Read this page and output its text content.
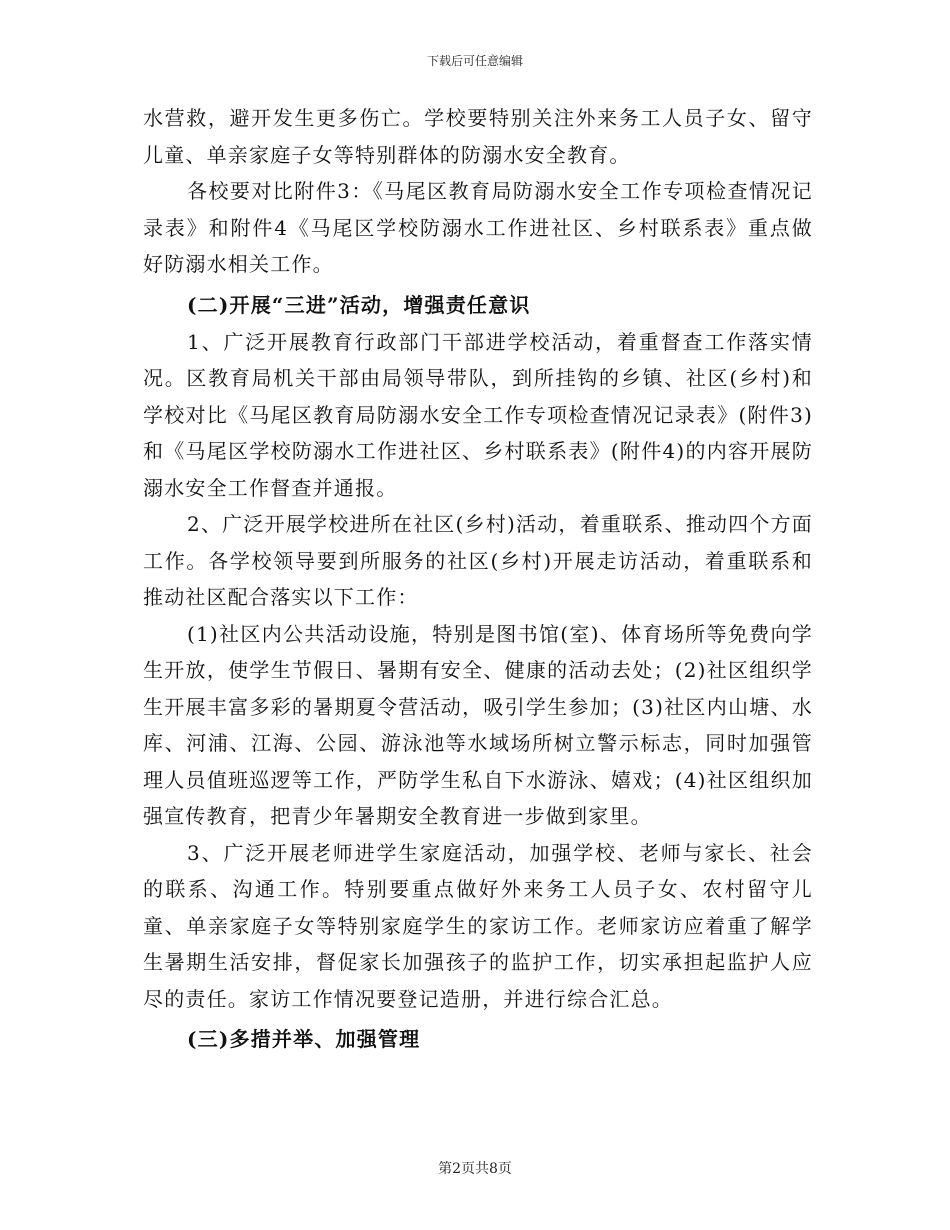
下载后可任意编辑

水营救，避开发生更多伤亡。学校要特别关注外来务工人员子女、留守儿童、单亲家庭子女等特别群体的防溺水安全教育。

各校要对比附件3：《马尾区教育局防溺水安全工作专项检查情况记录表》和附件4《马尾区学校防溺水工作进社区、乡村联系表》重点做好防溺水相关工作。

(二)开展“三进”活动，增强责任意识

1、广泛开展教育行政部门干部进学校活动，着重督查工作落实情况。区教育局机关干部由局领导带队，到所挂钩的乡镇、社区(乡村)和学校对比《马尾区教育局防溺水安全工作专项检查情况记录表》(附件3)和《马尾区学校防溺水工作进社区、乡村联系表》(附件4)的内容开展防溺水安全工作督查并通报。

2、广泛开展学校进所在社区(乡村)活动，着重联系、推动四个方面工作。各学校领导要到所服务的社区(乡村)开展走访活动，着重联系和推动社区配合落实以下工作：

(1)社区内公共活动设施，特别是图书馆(室)、体育场所等免费向学生开放，使学生节假日、暑期有安全、健康的活动去处；(2)社区组织学生开展丰富多彩的暑期夏令营活动，吸引学生参加；(3)社区内山塘、水库、河浦、江海、公园、游泳池等水域场所树立警示标志，同时加强管理人员值班巡逻等工作，严防学生私自下水游泳、嬉戏；(4)社区组织加强宣传教育，把青少年暑期安全教育进一步做到家里。

3、广泛开展老师进学生家庭活动，加强学校、老师与家长、社会的联系、沟通工作。特别要重点做好外来务工人员子女、农村留守儿童、单亲家庭子女等特别家庭学生的家访工作。老师家访应着重了解学生暑期生活安排，督促家长加强孩子的监护工作，切实承担起监护人应尽的责任。家访工作情况要登记造册，并进行综合汇总。

(三)多措并举、加强管理

第2页共8页
